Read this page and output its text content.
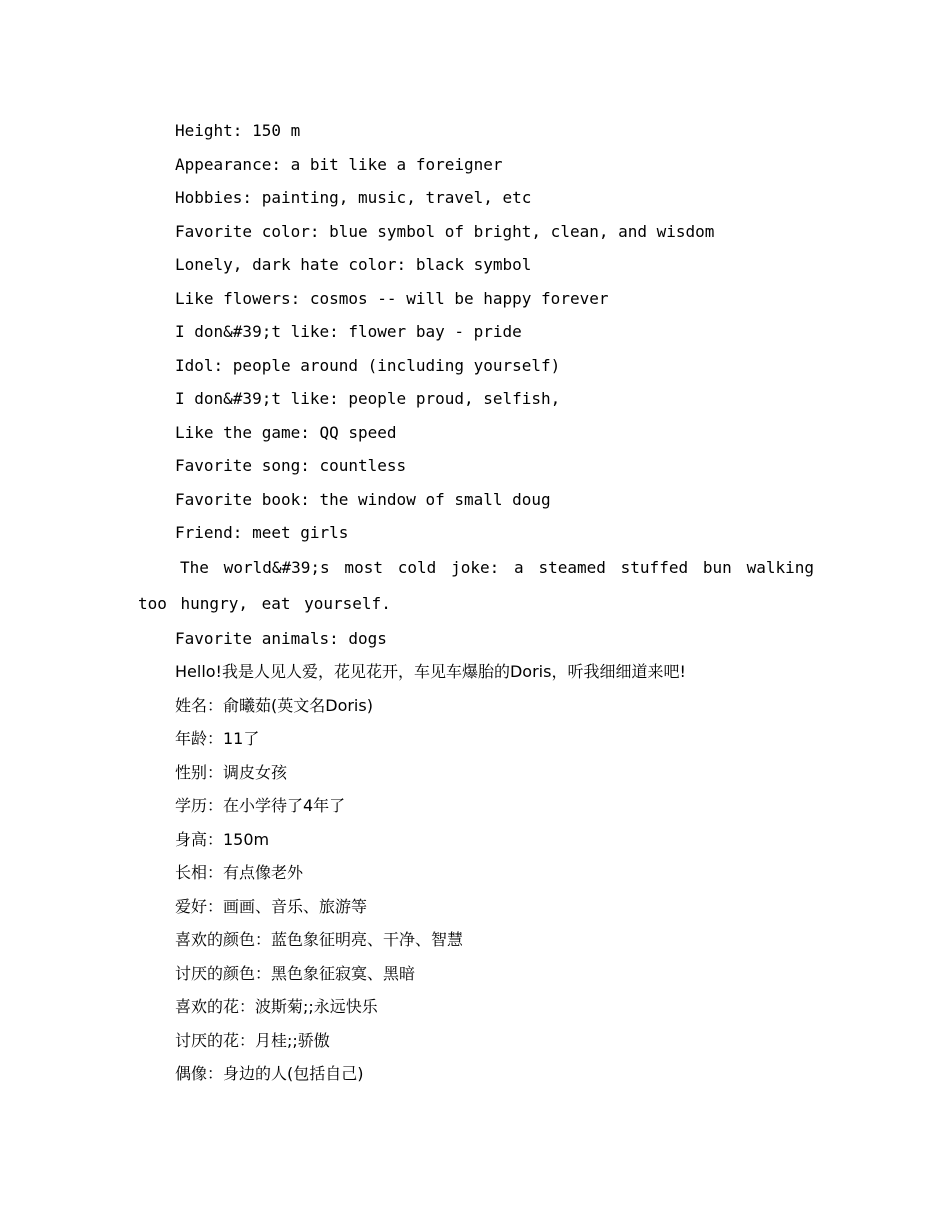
Height: 150 m

Appearance: a bit like a foreigner

Hobbies: painting, music, travel, etc

Favorite color: blue symbol of bright, clean, and wisdom

Lonely, dark hate color: black symbol

Like flowers: cosmos -- will be happy forever

I don&#39;t like: flower bay - pride

Idol: people around (including yourself)

I don&#39;t like: people proud, selfish,

Like the game: QQ speed

Favorite song: countless

Favorite book: the window of small doug

Friend: meet girls

The world&#39;s most cold joke: a steamed stuffed bun walking too hungry, eat yourself.

Favorite animals: dogs

Hello!我是人见人爱，花见花开，车见车爆胎的Doris，听我细细道来吧!

姓名：俞曦茹(英文名Doris)

年龄：11了

性别：调皮女孩

学历：在小学待了4年了

身高：150m

长相：有点像老外

爱好：画画、音乐、旅游等

喜欢的颜色：蓝色象征明亮、干净、智慧

讨厌的颜色：黑色象征寂寞、黑暗

喜欢的花：波斯菊;;永远快乐

讨厌的花：月桂;;骄傲

偶像：身边的人(包括自己)
